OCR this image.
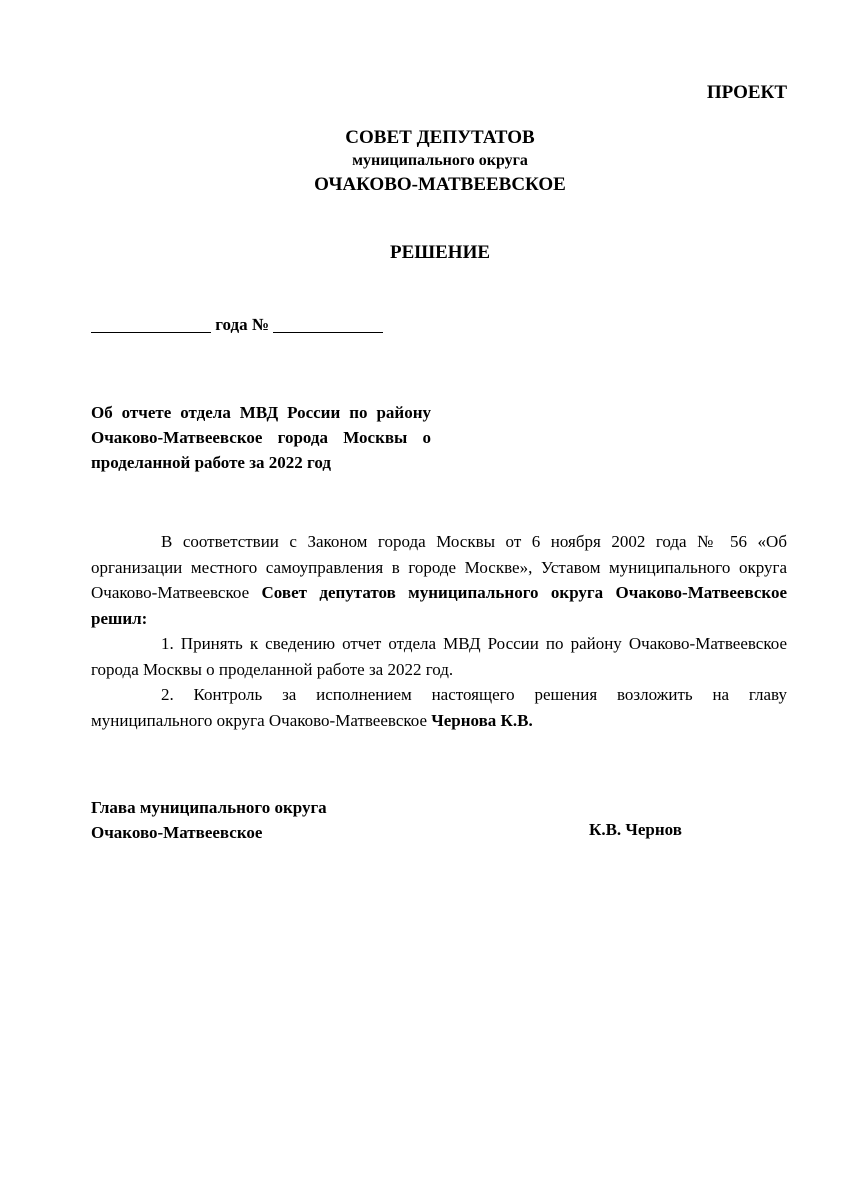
ПРОЕКТ
СОВЕТ ДЕПУТАТОВ
муниципального округа
ОЧАКОВО-МАТВЕЕВСКОЕ
РЕШЕНИЕ
года №
Об отчете отдела МВД России по району Очаково-Матвеевское города Москвы о проделанной работе за 2022 год

В соответствии с Законом города Москвы от 6 ноября 2002 года № 56 «Об организации местного самоуправления в городе Москве», Уставом муниципального округа Очаково-Матвеевское Совет депутатов муниципального округа Очаково-Матвеевское решил:

1. Принять к сведению отчет отдела МВД России по району Очаково-Матвеевское города Москвы о проделанной работе за 2022 год.

2. Контроль за исполнением настоящего решения возложить на главу муниципального округа Очаково-Матвеевское Чернова К.В.

Глава муниципального округа
Очаково-Матвеевское	К.В. Чернов
